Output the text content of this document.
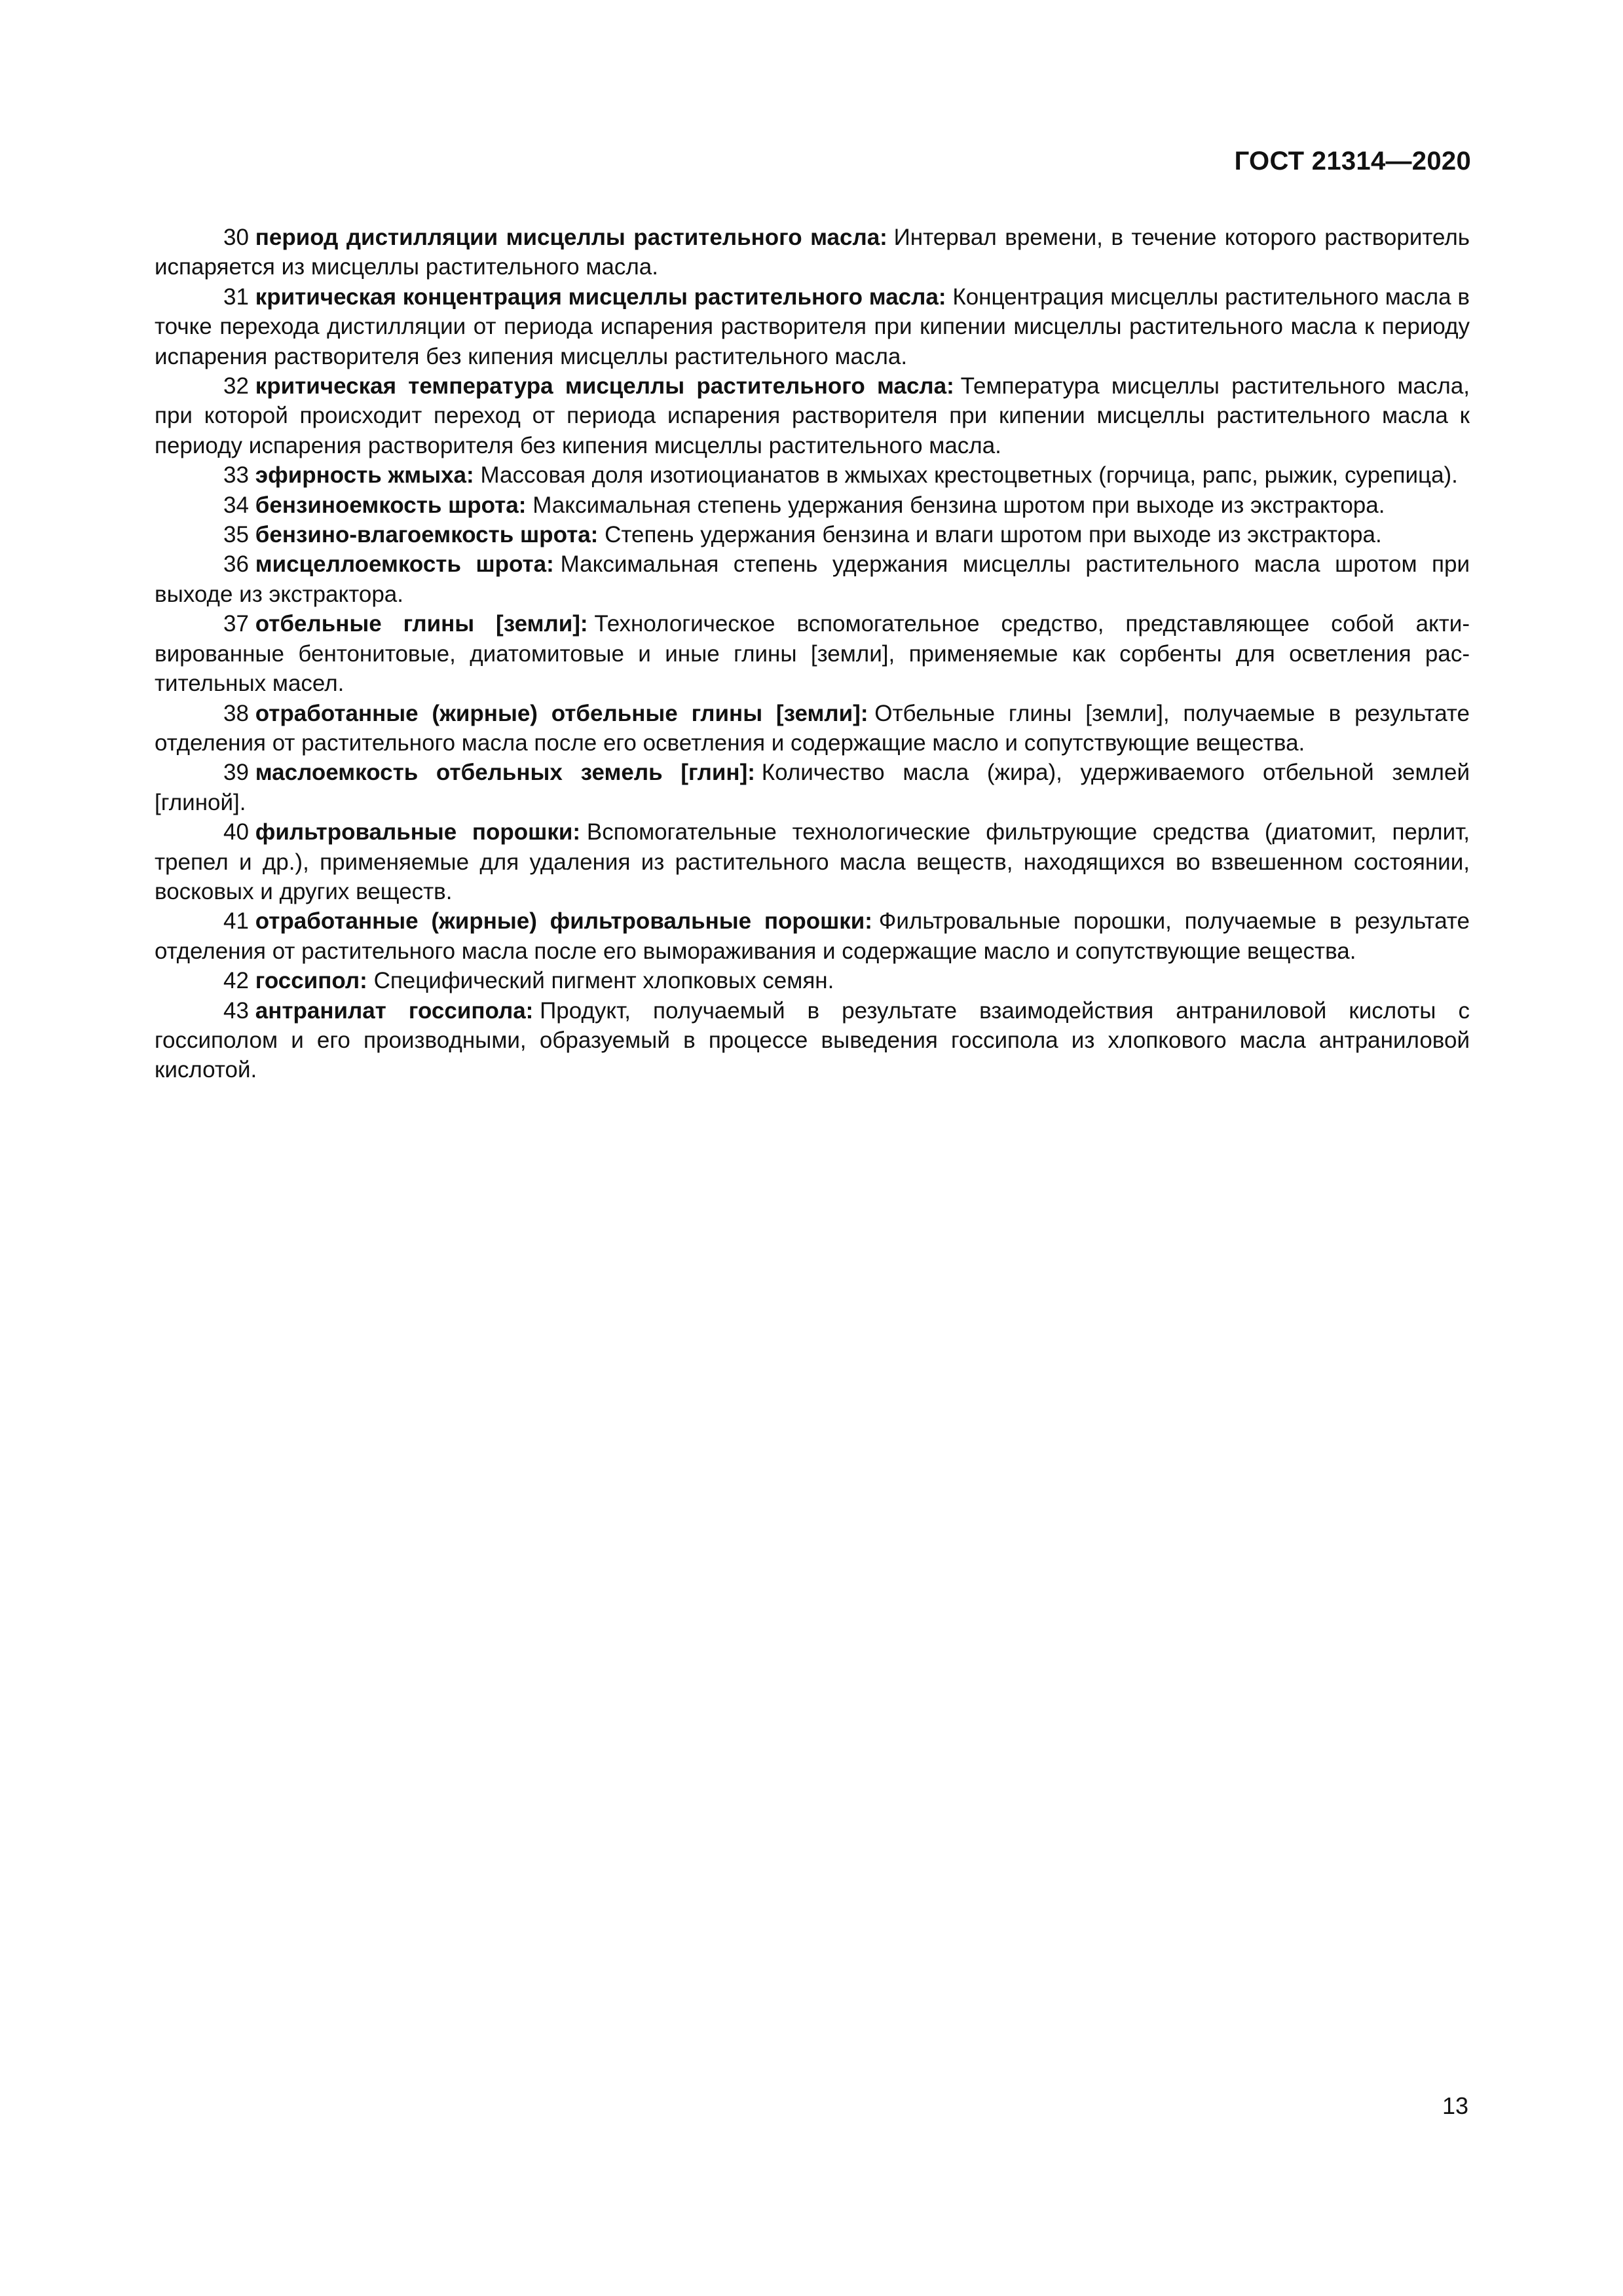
ГОСТ 21314—2020

30 период дистилляции мисцеллы растительного масла: Интервал времени, в течение которого растворитель испаряется из мисцеллы растительного масла.

31 критическая концентрация мисцеллы растительного масла: Концентрация мисцеллы растительного масла в точке перехода дистилляции от периода испарения растворителя при кипении мисцеллы растительного масла к периоду испарения растворителя без кипения мисцеллы растительного масла.

32 критическая температура мисцеллы растительного масла: Температура мисцеллы растительного масла, при которой происходит переход от периода испарения растворителя при кипении мисцеллы растительного масла к периоду испарения растворителя без кипения мисцеллы растительного масла.

33 эфирность жмыха: Массовая доля изотиоцианатов в жмыхах крестоцветных (горчица, рапс, рыжик, сурепица).

34 бензиноемкость шрота: Максимальная степень удержания бензина шротом при выходе из экстрактора.

35 бензино-влагоемкость шрота: Степень удержания бензина и влаги шротом при выходе из экстрактора.

36 мисцеллоемкость шрота: Максимальная степень удержания мисцеллы растительного масла шротом при выходе из экстрактора.

37 отбельные глины [земли]: Технологическое вспомогательное средство, представляющее собой активированные бентонитовые, диатомитовые и иные глины [земли], применяемые как сорбенты для осветления растительных масел.

38 отработанные (жирные) отбельные глины [земли]: Отбельные глины [земли], получаемые в результате отделения от растительного масла после его осветления и содержащие масло и сопутствующие вещества.

39 маслоемкость отбельных земель [глин]: Количество масла (жира), удерживаемого отбельной землей [глиной].

40 фильтровальные порошки: Вспомогательные технологические фильтрующие средства (диатомит, перлит, трепел и др.), применяемые для удаления из растительного масла веществ, находящихся во взвешенном состоянии, восковых и других веществ.

41 отработанные (жирные) фильтровальные порошки: Фильтровальные порошки, получаемые в результате отделения от растительного масла после его вымораживания и содержащие масло и сопутствующие вещества.

42 госсипол: Специфический пигмент хлопковых семян.

43 антранилат госсипола: Продукт, получаемый в результате взаимодействия антраниловой кислоты с госсиполом и его производными, образуемый в процессе выведения госсипола из хлопкового масла антраниловой кислотой.

13
